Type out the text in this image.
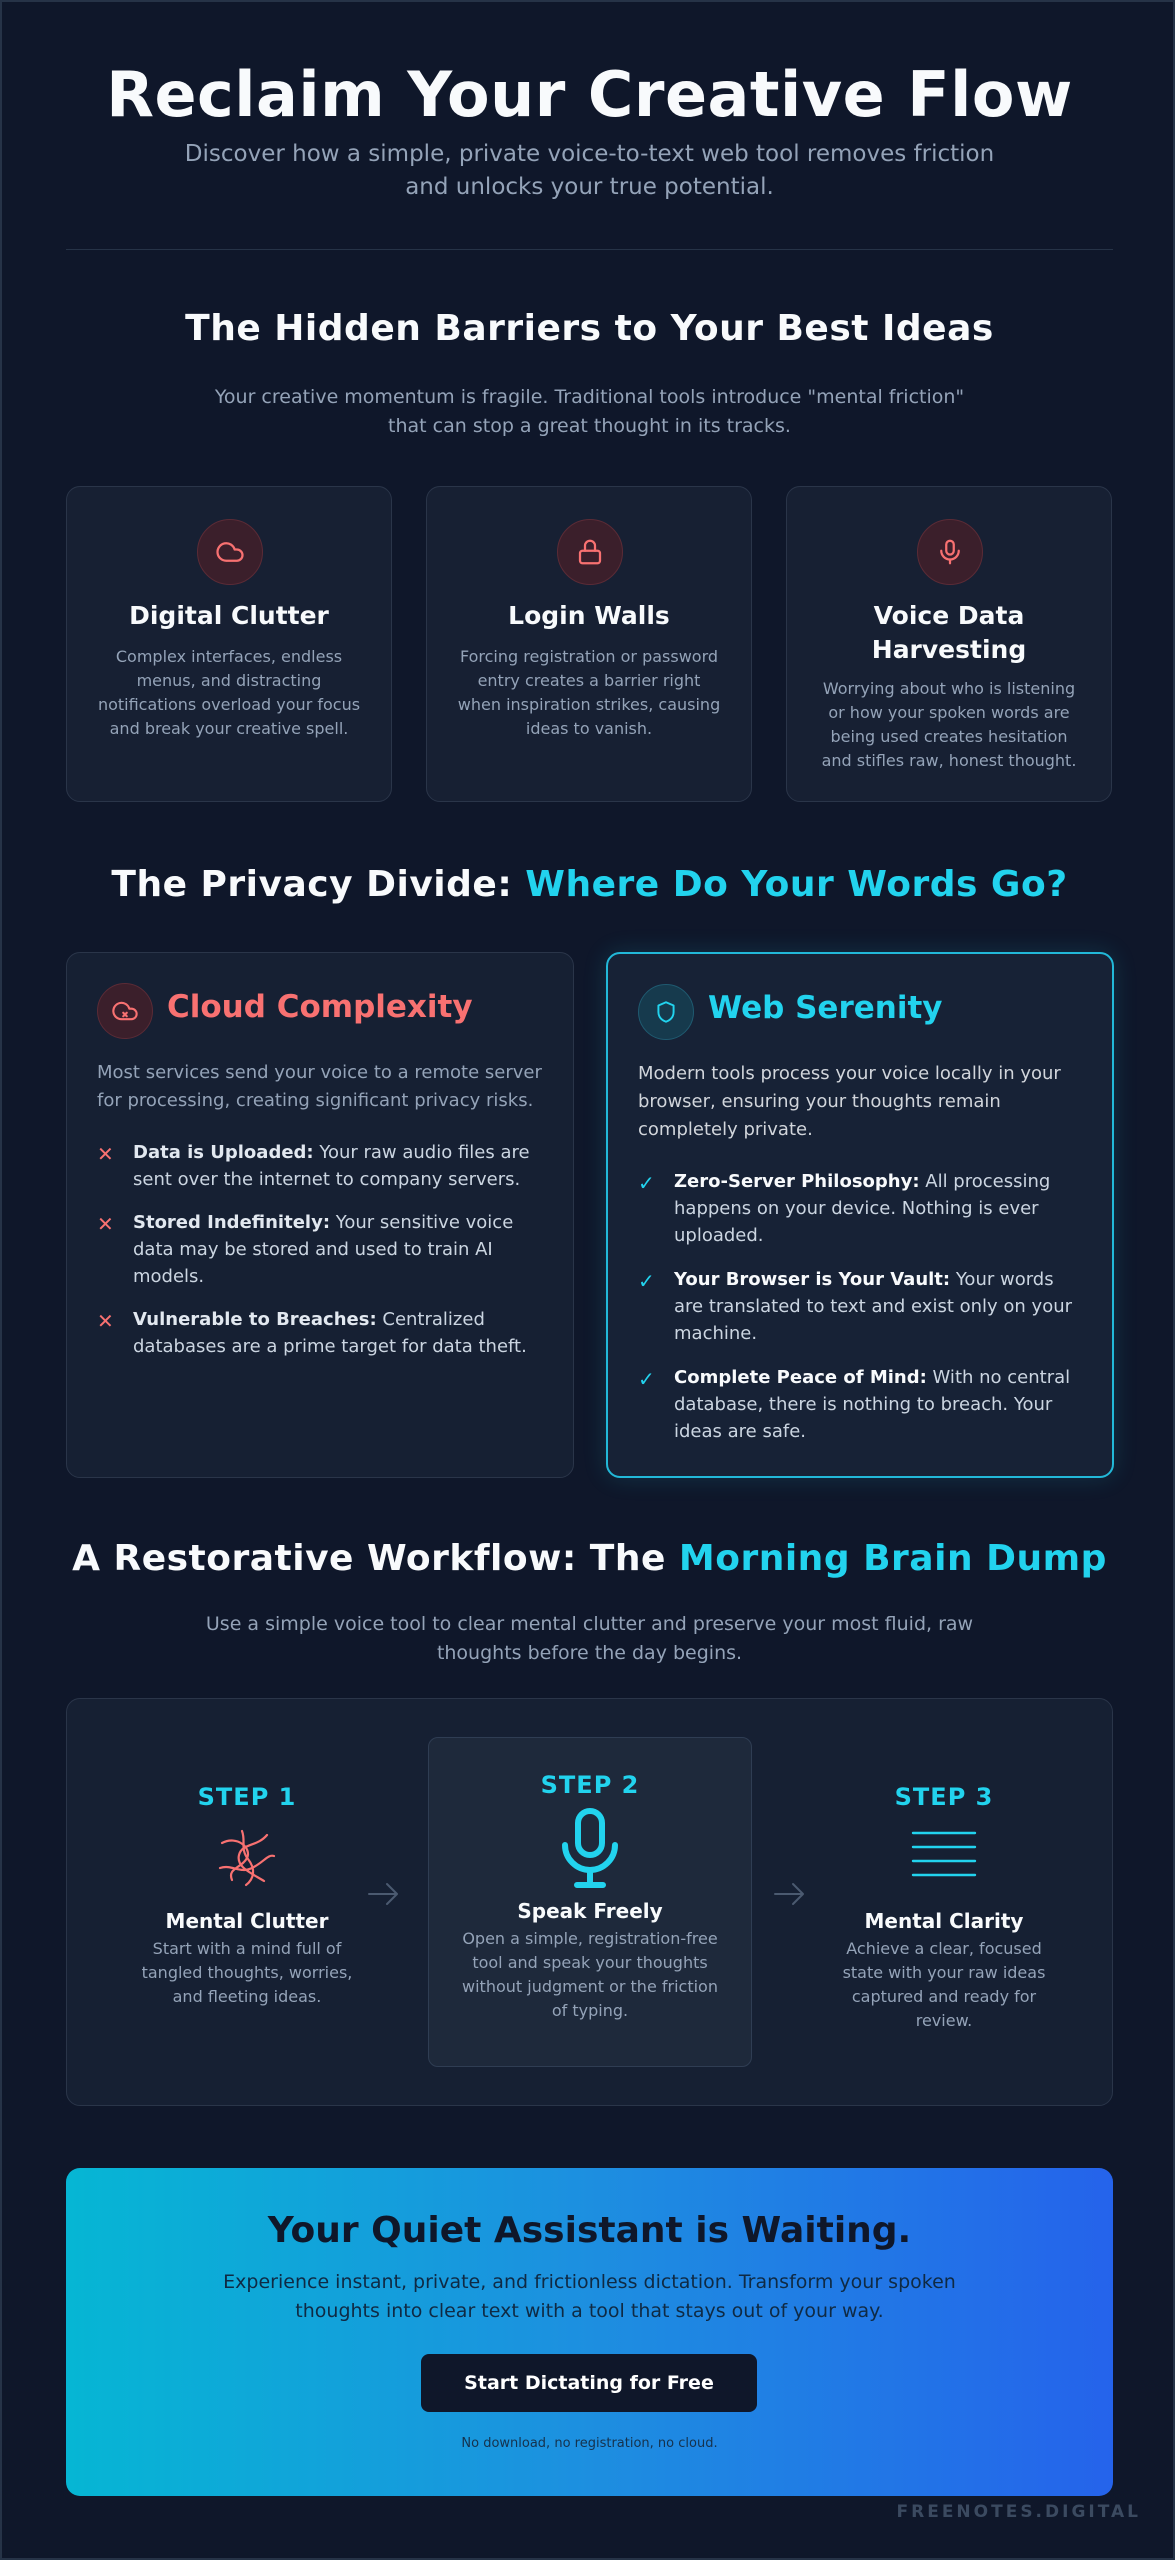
Reclaim Your Creative Flow
Discover how a simple, private voice-to-text web tool removes friction and unlocks your true potential.
The Hidden Barriers to Your Best Ideas
Your creative momentum is fragile. Traditional tools introduce "mental friction" that can stop a great thought in its tracks.
Digital Clutter
Complex interfaces, endless menus, and distracting notifications overload your focus and break your creative spell.
Login Walls
Forcing registration or password entry creates a barrier right when inspiration strikes, causing ideas to vanish.
Voice Data Harvesting
Worrying about who is listening or how your spoken words are being used creates hesitation and stifles raw, honest thought.
The Privacy Divide: Where Do Your Words Go?
Cloud Complexity
Most services send your voice to a remote server for processing, creating significant privacy risks.
✕ Data is Uploaded: Your raw audio files are sent over the internet to company servers.
✕ Stored Indefinitely: Your sensitive voice data may be stored and used to train AI models.
✕ Vulnerable to Breaches: Centralized databases are a prime target for data theft.
Web Serenity
Modern tools process your voice locally in your browser, ensuring your thoughts remain completely private.
✓ Zero-Server Philosophy: All processing happens on your device. Nothing is ever uploaded.
✓ Your Browser is Your Vault: Your words are translated to text and exist only on your machine.
✓ Complete Peace of Mind: With no central database, there is nothing to breach. Your ideas are safe.
A Restorative Workflow: The Morning Brain Dump
Use a simple voice tool to clear mental clutter and preserve your most fluid, raw thoughts before the day begins.
STEP 1
Mental Clutter
Start with a mind full of tangled thoughts, worries, and fleeting ideas.
STEP 2
Speak Freely
Open a simple, registration-free tool and speak your thoughts without judgment or the friction of typing.
STEP 3
Mental Clarity
Achieve a clear, focused state with your raw ideas captured and ready for review.
Your Quiet Assistant is Waiting.
Experience instant, private, and frictionless dictation. Transform your spoken thoughts into clear text with a tool that stays out of your way.
Start Dictating for Free
No download, no registration, no cloud.
FREENOTES.DIGITAL
